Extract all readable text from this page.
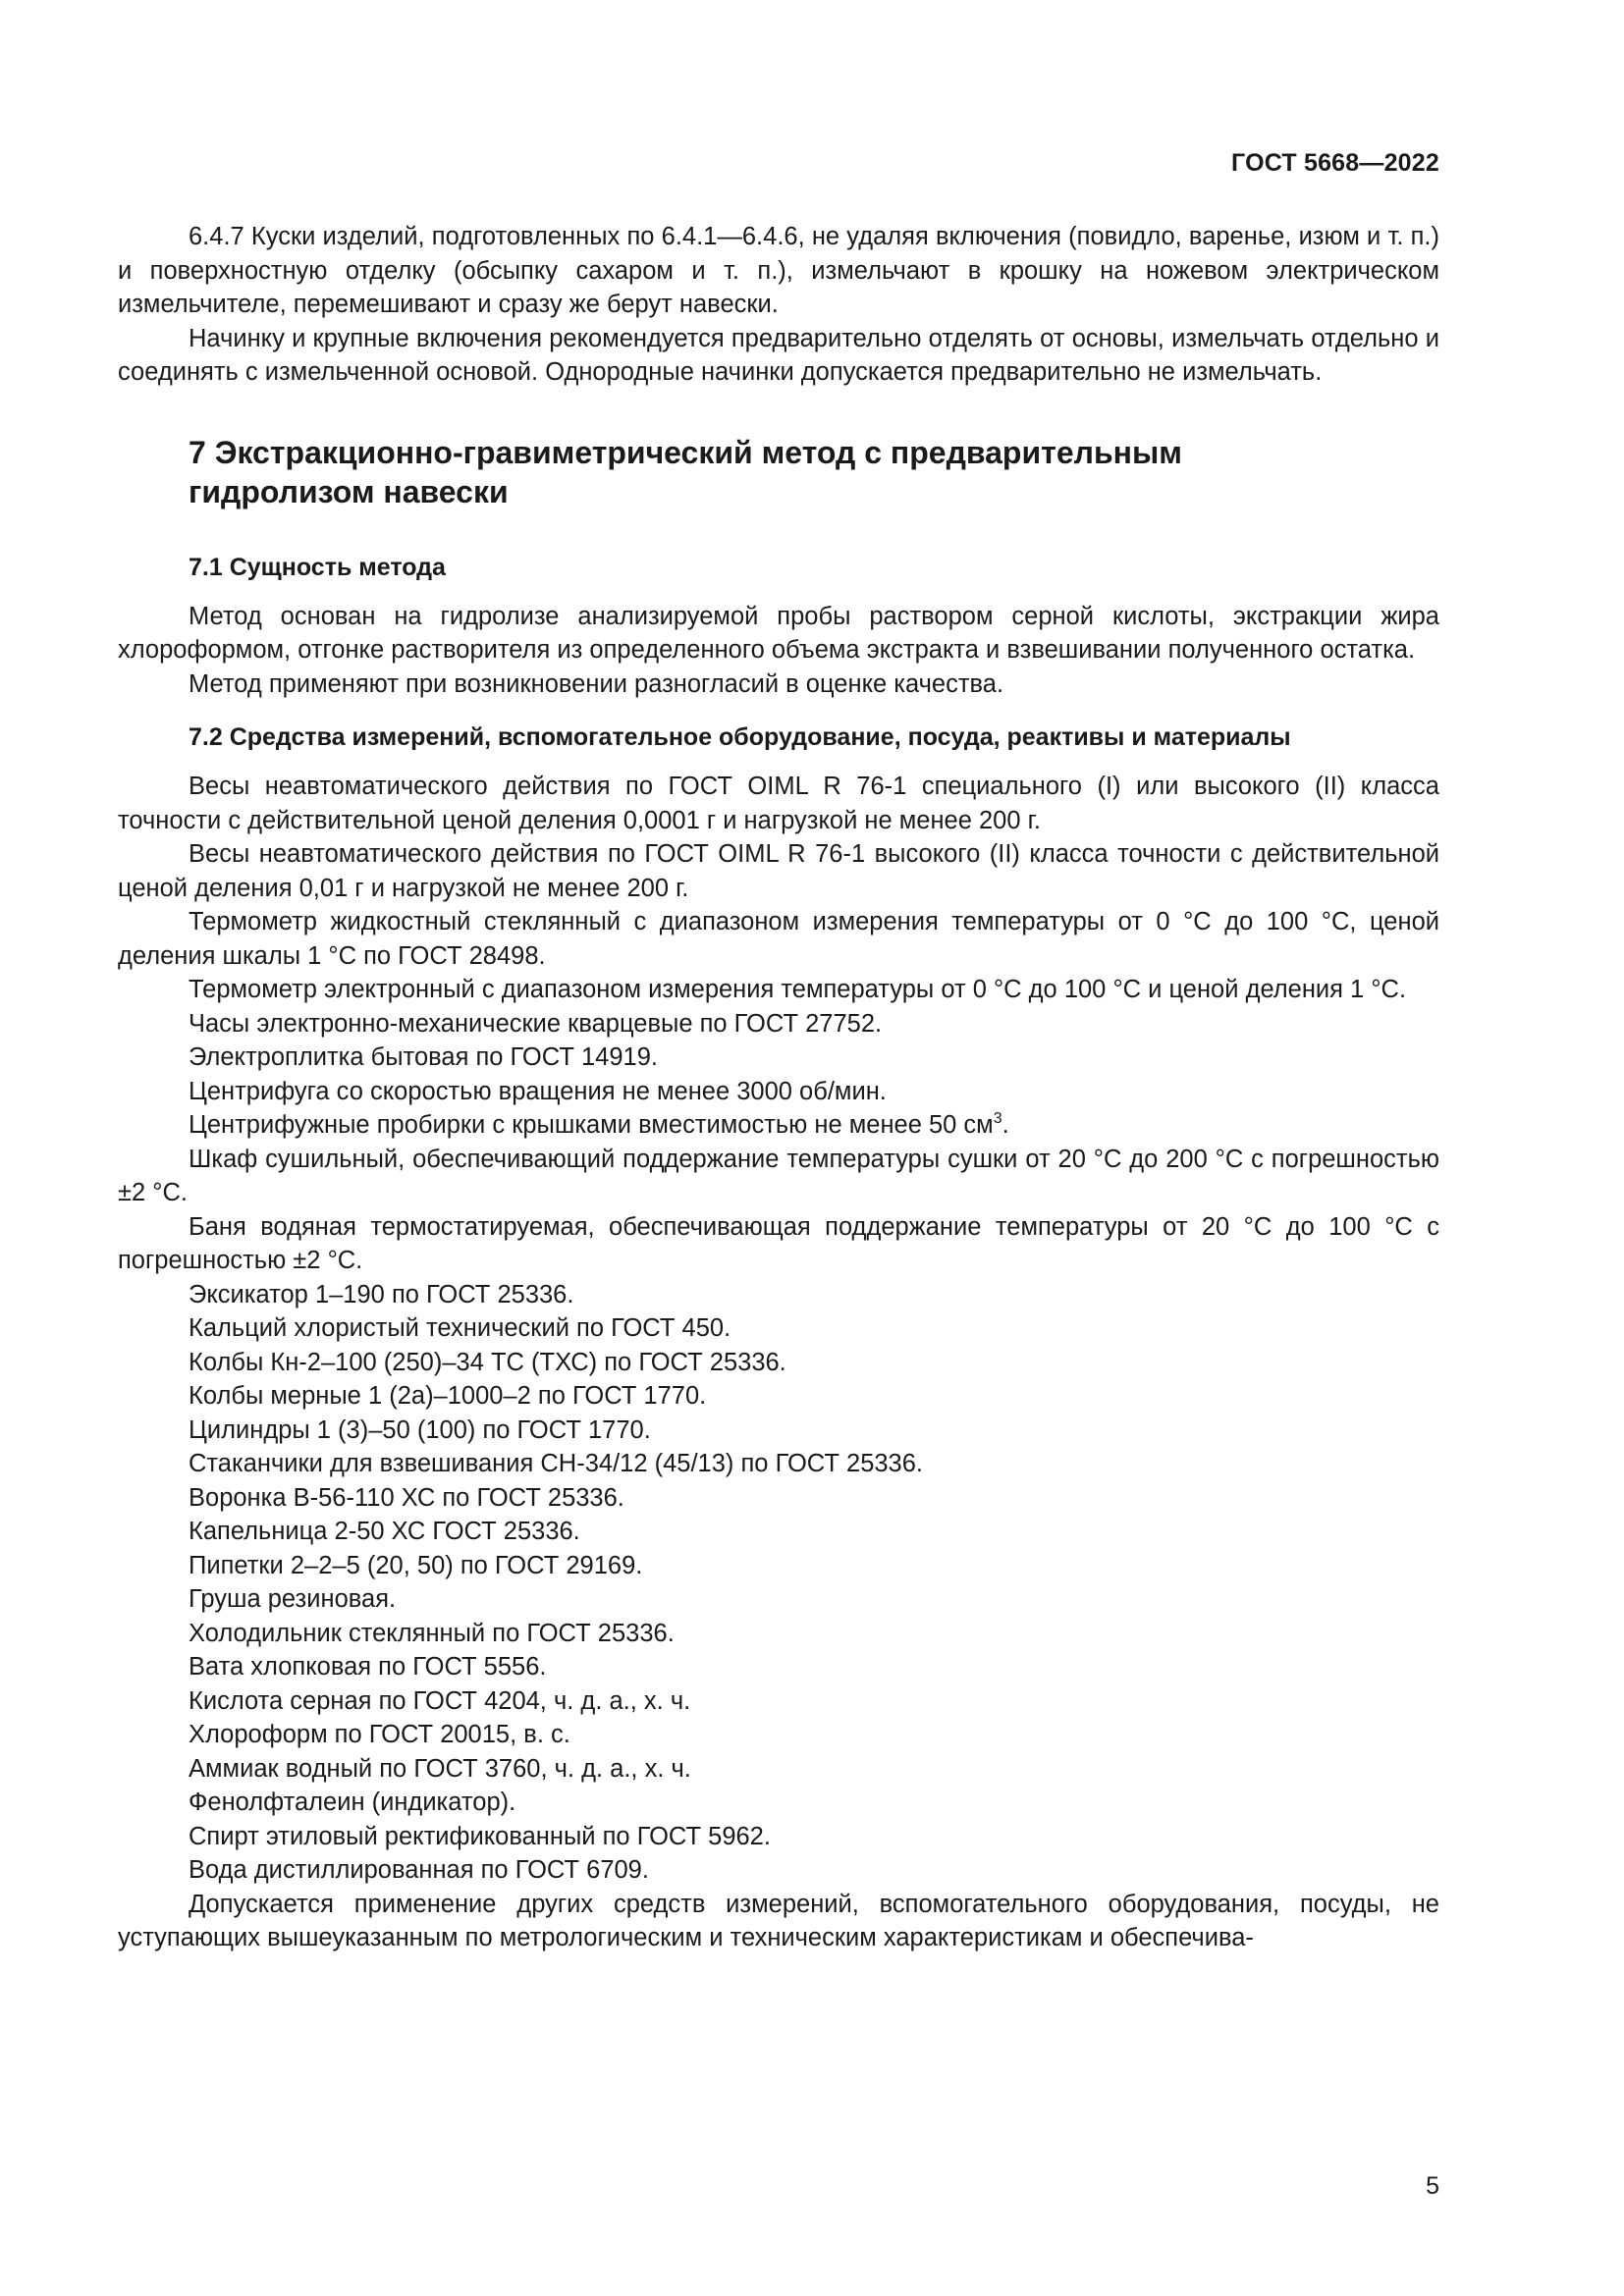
ГОСТ 5668—2022

6.4.7 Куски изделий, подготовленных по 6.4.1—6.4.6, не удаляя включения (повидло, варенье, изюм и т. п.) и поверхностную отделку (обсыпку сахаром и т. п.), измельчают в крошку на ножевом электрическом измельчителе, перемешивают и сразу же берут навески.

Начинку и крупные включения рекомендуется предварительно отделять от основы, измельчать отдельно и соединять с измельченной основой. Однородные начинки допускается предварительно не измельчать.

7 Экстракционно-гравиметрический метод с предварительным
гидролизом навески
7.1 Сущность метода

Метод основан на гидролизе анализируемой пробы раствором серной кислоты, экстракции жира хлороформом, отгонке растворителя из определенного объема экстракта и взвешивании полученного остатка.

Метод применяют при возникновении разногласий в оценке качества.

7.2 Средства измерений, вспомогательное оборудование, посуда, реактивы и материалы
Весы неавтоматического действия по ГОСТ OIML R 76-1 специального (I) или высокого (II) класса точности с действительной ценой деления 0,0001 г и нагрузкой не менее 200 г.
Весы неавтоматического действия по ГОСТ OIML R 76-1 высокого (II) класса точности с действительной ценой деления 0,01 г и нагрузкой не менее 200 г.
Термометр жидкостный стеклянный с диапазоном измерения температуры от 0 °С до 100 °С, ценой деления шкалы 1 °С по ГОСТ 28498.
Термометр электронный с диапазоном измерения температуры от 0 °С до 100 °С и ценой деления 1 °С.
Часы электронно-механические кварцевые по ГОСТ 27752.
Электроплитка бытовая по ГОСТ 14919.
Центрифуга со скоростью вращения не менее 3000 об/мин.
Центрифужные пробирки с крышками вместимостью не менее 50 $см^3$.
Шкаф сушильный, обеспечивающий поддержание температуры сушки от 20 °С до 200 °С с погрешностью ±2 °С.
Баня водяная термостатируемая, обеспечивающая поддержание температуры от 20 °С до 100 °С с погрешностью ±2 °С.
Эксикатор 1–190 по ГОСТ 25336.
Кальций хлористый технический по ГОСТ 450.
Колбы Кн-2–100 (250)–34 ТС (ТХС) по ГОСТ 25336.
Колбы мерные 1 (2а)–1000–2 по ГОСТ 1770.
Цилиндры 1 (3)–50 (100) по ГОСТ 1770.
Стаканчики для взвешивания СН-34/12 (45/13) по ГОСТ 25336.
Воронка В-56-110 ХС по ГОСТ 25336.
Капельница 2-50 ХС ГОСТ 25336.
Пипетки 2–2–5 (20, 50) по ГОСТ 29169.
Груша резиновая.
Холодильник стеклянный по ГОСТ 25336.
Вата хлопковая по ГОСТ 5556.
Кислота серная по ГОСТ 4204, ч. д. а., х. ч.
Хлороформ по ГОСТ 20015, в. с.
Аммиак водный по ГОСТ 3760, ч. д. а., х. ч.
Фенолфталеин (индикатор).
Спирт этиловый ректификованный по ГОСТ 5962.
Вода дистиллированная по ГОСТ 6709.
Допускается применение других средств измерений, вспомогательного оборудования, посуды, не уступающих вышеуказанным по метрологическим и техническим характеристикам и обеспечива-
5
